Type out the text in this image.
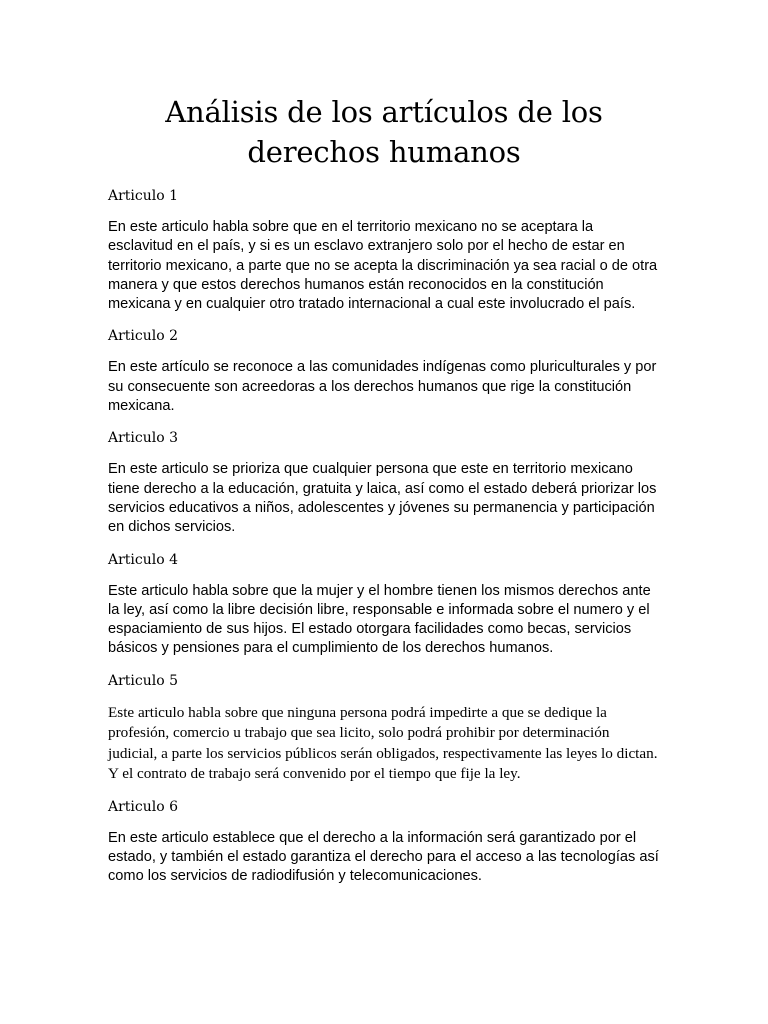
Análisis de los artículos de los derechos humanos

Articulo 1

En este articulo habla sobre que en el territorio mexicano no se aceptara la esclavitud en el país, y si es un esclavo extranjero solo por el hecho de estar en territorio mexicano, a parte que no se acepta la discriminación ya sea racial o de otra manera y que estos derechos humanos están reconocidos en la constitución mexicana y en cualquier otro tratado internacional a cual este involucrado el país.

Articulo 2

En este artículo se reconoce a las comunidades indígenas como pluriculturales y por su consecuente son acreedoras a los derechos humanos que rige la constitución mexicana.

Articulo 3

En este articulo se prioriza que cualquier persona que este en territorio mexicano tiene derecho a la educación, gratuita y laica, así como el estado deberá priorizar los servicios educativos a niños, adolescentes y jóvenes su permanencia y participación en dichos servicios.

Articulo 4

Este articulo habla sobre que la mujer y el hombre tienen los mismos derechos ante la ley, así como la libre decisión libre, responsable e informada sobre el numero y el espaciamiento de sus hijos. El estado otorgara facilidades como becas, servicios básicos y pensiones para el cumplimiento de los derechos humanos.

Articulo 5

Este articulo habla sobre que ninguna persona podrá impedirte a que se dedique la profesión, comercio u trabajo que sea licito, solo podrá prohibir por determinación judicial, a parte los servicios públicos serán obligados, respectivamente las leyes lo dictan. Y el contrato de trabajo será convenido por el tiempo que fije la ley.

Articulo 6

En este articulo establece que el derecho a la información será garantizado por el estado, y también el estado garantiza el derecho para el acceso a las tecnologías así como los servicios de radiodifusión y telecomunicaciones.
